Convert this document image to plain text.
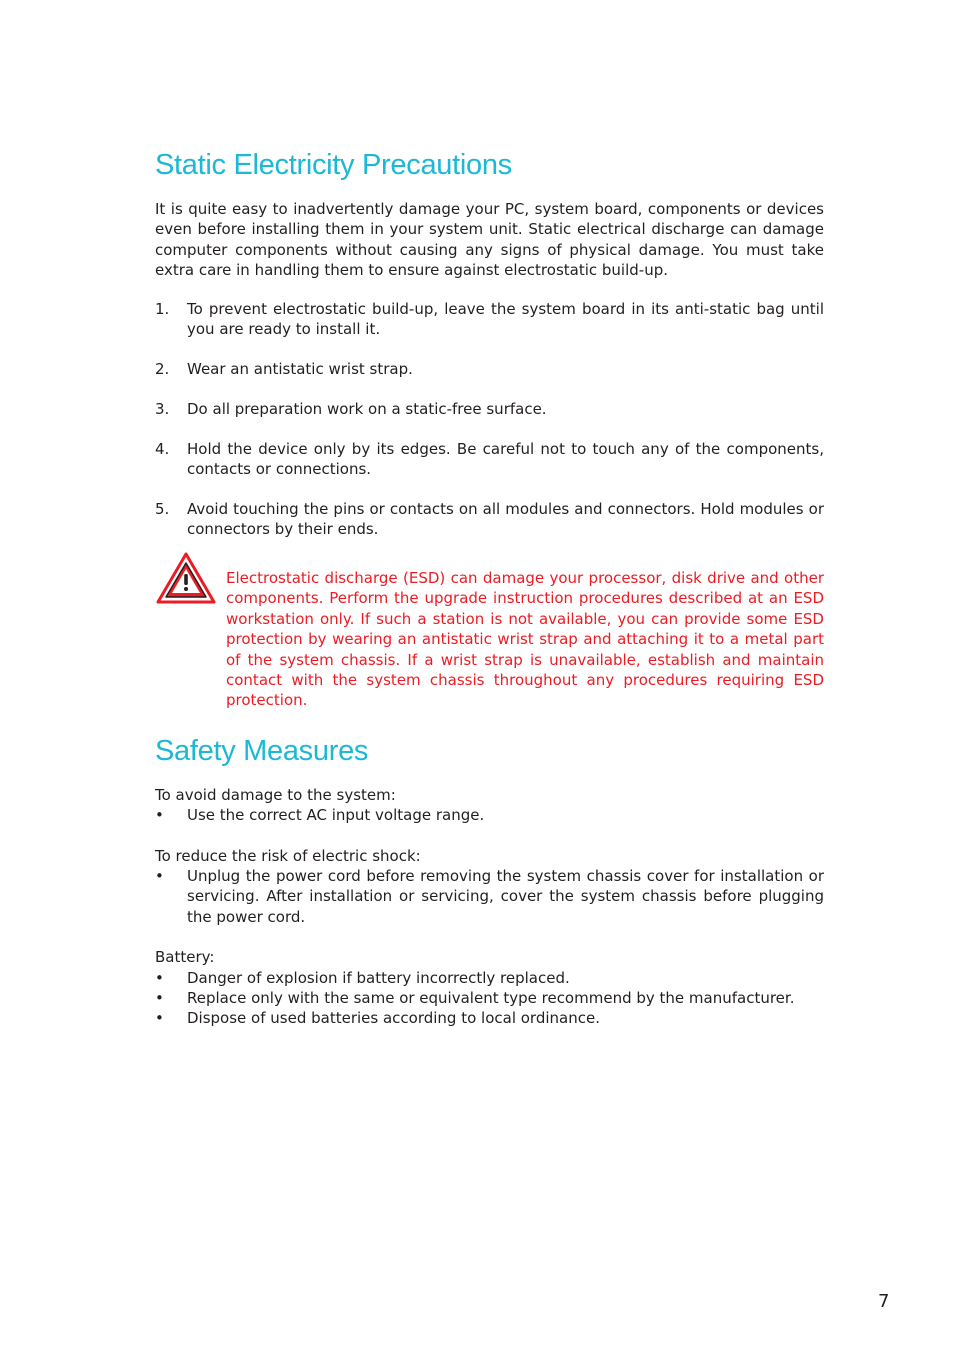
Static Electricity Precautions

It is quite easy to inadvertently damage your PC, system board, components or devices even before installing them in your system unit. Static electrical discharge can damage computer components without causing any signs of physical damage. You must take extra care in handling them to ensure against electrostatic build-up.

1. To prevent electrostatic build-up, leave the system board in its anti-static bag until you are ready to install it.
2. Wear an antistatic wrist strap.
3. Do all preparation work on a static-free surface.
4. Hold the device only by its edges. Be careful not to touch any of the components, contacts or connections.
5. Avoid touching the pins or contacts on all modules and connectors. Hold modules or connectors by their ends.

Electrostatic discharge (ESD) can damage your processor, disk drive and other components. Perform the upgrade instruction procedures described at an ESD workstation only. If such a station is not available, you can provide some ESD protection by wearing an antistatic wrist strap and attaching it to a metal part of the system chassis. If a wrist strap is unavailable, establish and maintain contact with the system chassis throughout any procedures requiring ESD protection.

Safety Measures
To avoid damage to the system:
• Use the correct AC input voltage range.
To reduce the risk of electric shock:
• Unplug the power cord before removing the system chassis cover for installation or servicing. After installation or servicing, cover the system chassis before plugging the power cord.
Battery:
• Danger of explosion if battery incorrectly replaced.
• Replace only with the same or equivalent type recommend by the manufacturer.
• Dispose of used batteries according to local ordinance.
7
